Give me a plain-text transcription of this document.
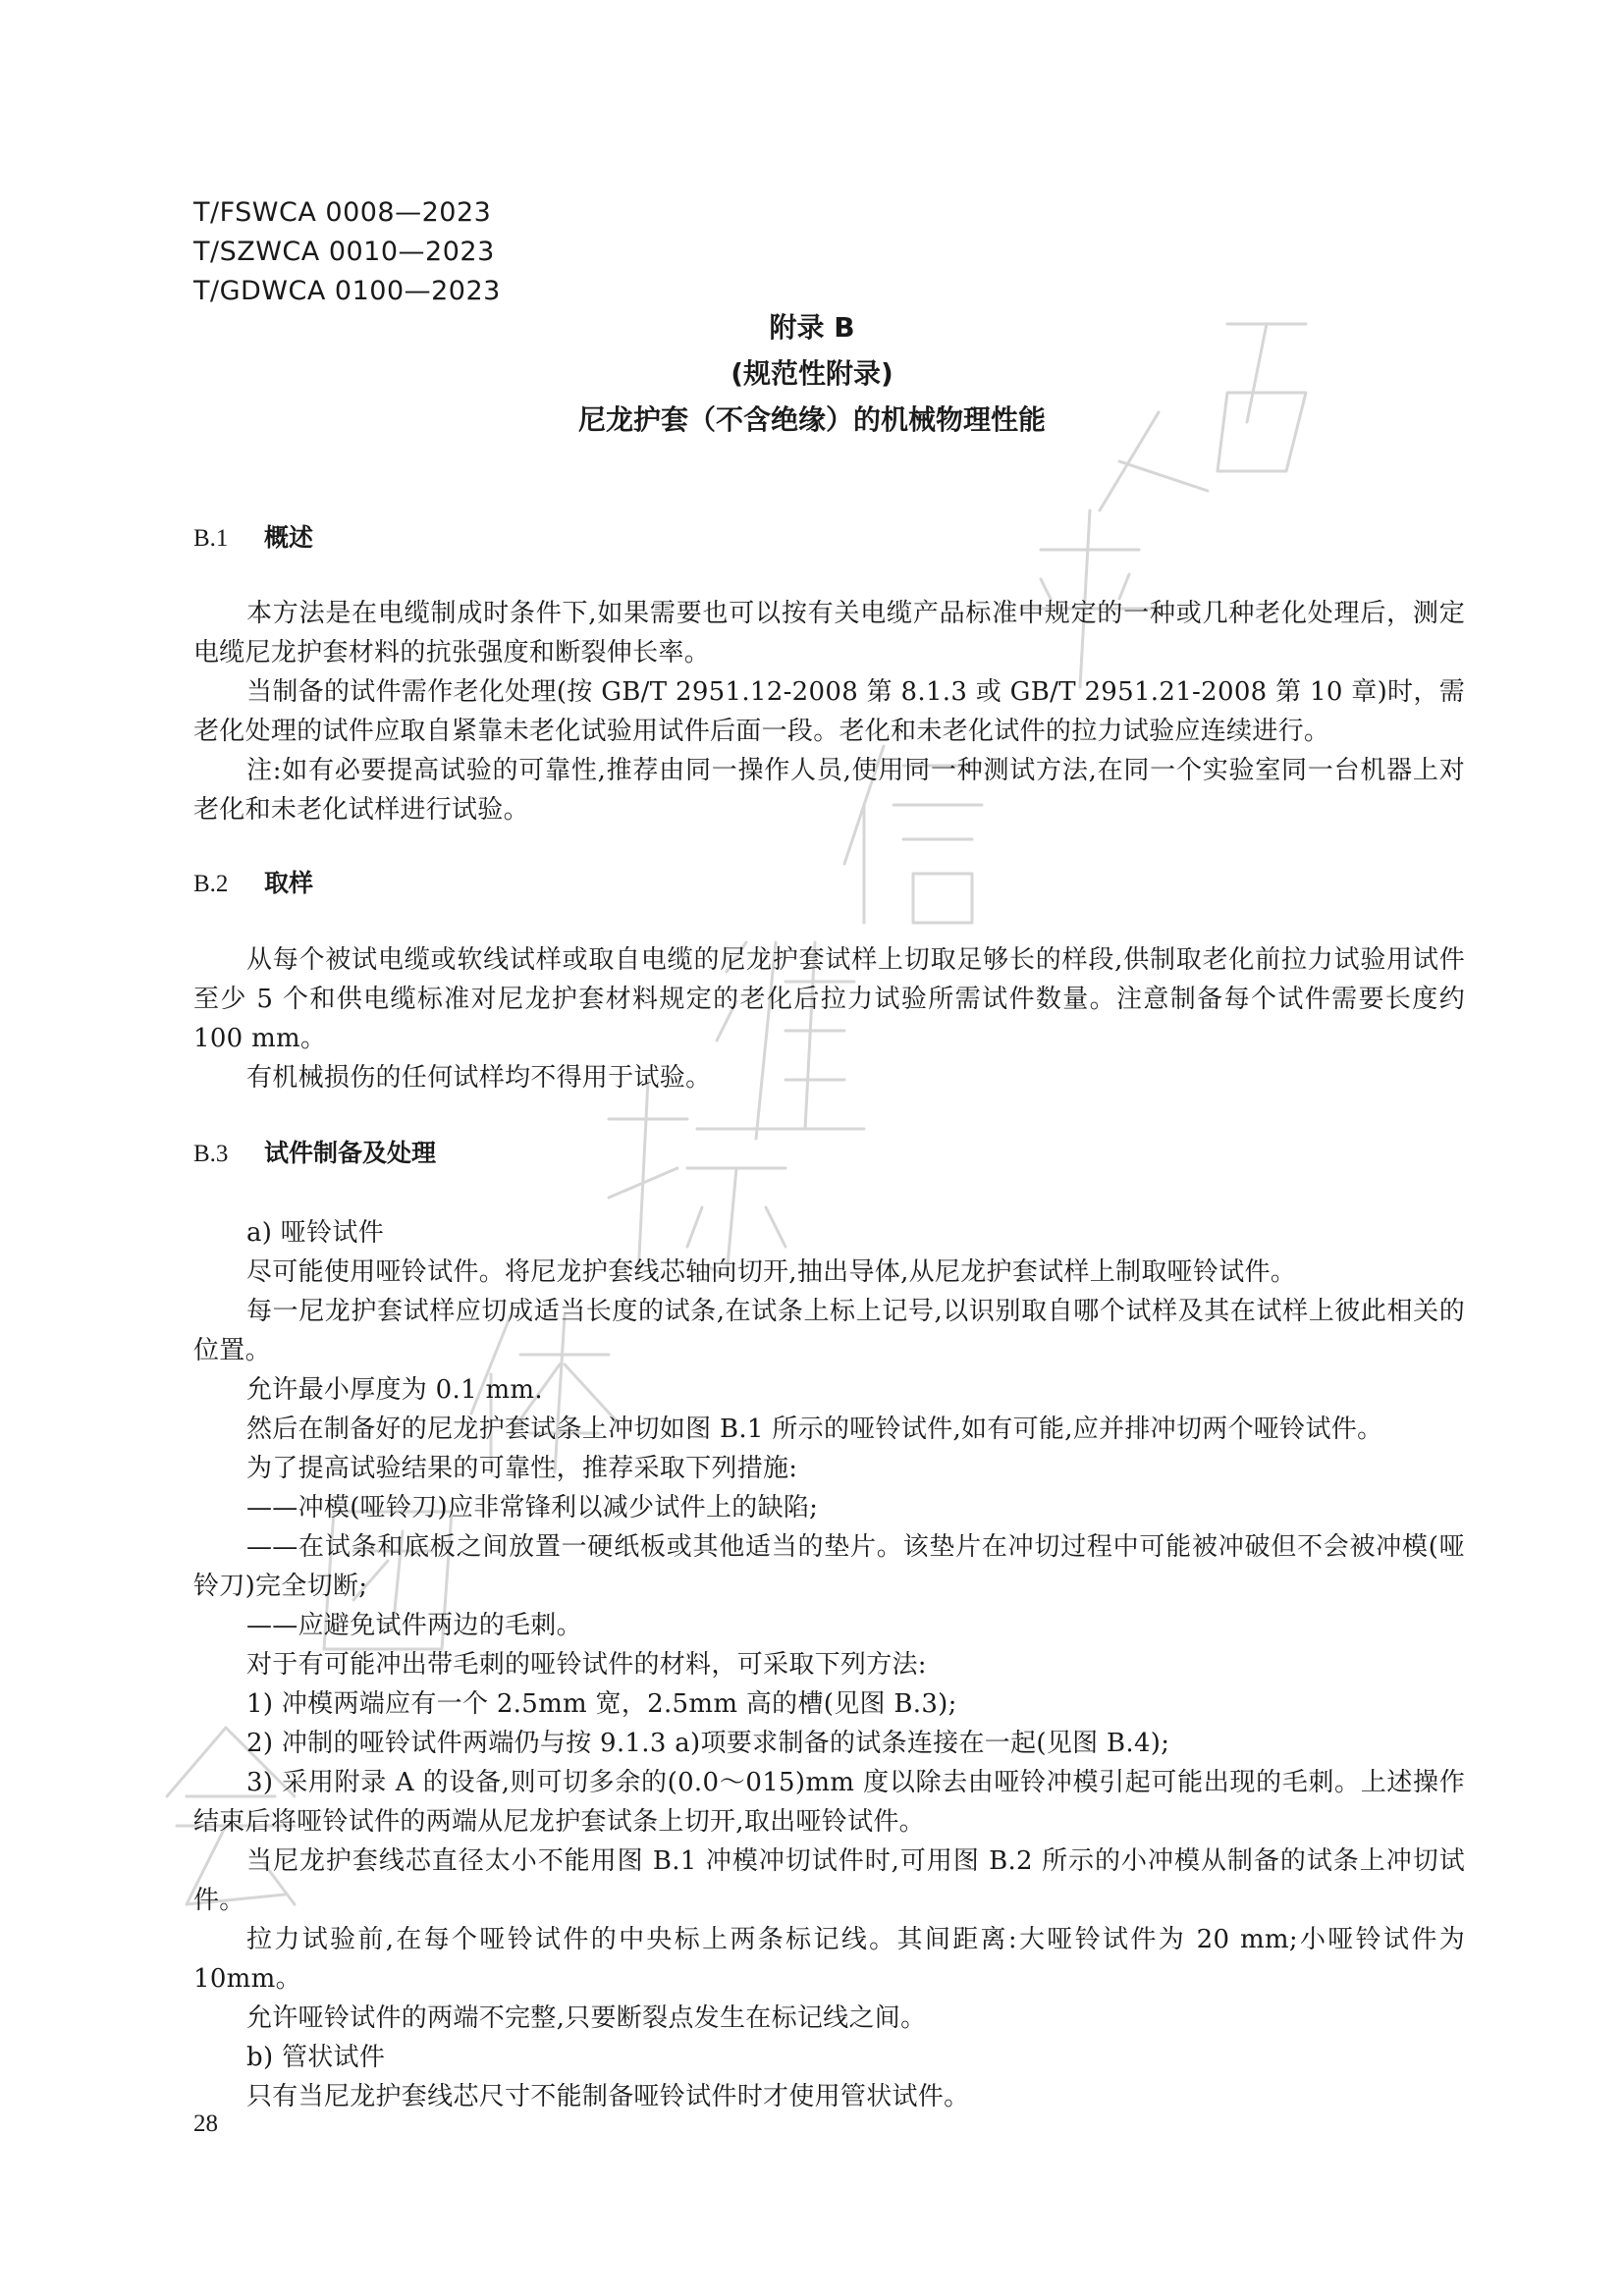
T/FSWCA 0008—2023
T/SZWCA 0010—2023
T/GDWCA 0100—2023
附录 B
(规范性附录)
尼龙护套（不含绝缘）的机械物理性能
B.1 概述

本方法是在电缆制成时条件下,如果需要也可以按有关电缆产品标准中规定的一种或几种老化处理后，测定电缆尼龙护套材料的抗张强度和断裂伸长率。

当制备的试件需作老化处理(按 GB/T 2951.12-2008 第 8.1.3 或 GB/T 2951.21-2008 第 10 章)时，需老化处理的试件应取自紧靠未老化试验用试件后面一段。老化和未老化试件的拉力试验应连续进行。

注:如有必要提高试验的可靠性,推荐由同一操作人员,使用同一种测试方法,在同一个实验室同一台机器上对老化和未老化试样进行试验。

B.2 取样

从每个被试电缆或软线试样或取自电缆的尼龙护套试样上切取足够长的样段,供制取老化前拉力试验用试件至少 5 个和供电缆标准对尼龙护套材料规定的老化后拉力试验所需试件数量。注意制备每个试件需要长度约 100 mm。

有机械损伤的任何试样均不得用于试验。

B.3 试件制备及处理

a) 哑铃试件

尽可能使用哑铃试件。将尼龙护套线芯轴向切开,抽出导体,从尼龙护套试样上制取哑铃试件。

每一尼龙护套试样应切成适当长度的试条,在试条上标上记号,以识别取自哪个试样及其在试样上彼此相关的位置。

允许最小厚度为 0.1 mm.

然后在制备好的尼龙护套试条上冲切如图 B.1 所示的哑铃试件,如有可能,应并排冲切两个哑铃试件。

为了提高试验结果的可靠性，推荐采取下列措施:

——冲模(哑铃刀)应非常锋利以减少试件上的缺陷;

——在试条和底板之间放置一硬纸板或其他适当的垫片。该垫片在冲切过程中可能被冲破但不会被冲模(哑铃刀)完全切断;

——应避免试件两边的毛刺。

对于有可能冲出带毛刺的哑铃试件的材料，可采取下列方法:

1) 冲模两端应有一个 2.5mm 宽，2.5mm 高的槽(见图 B.3);

2) 冲制的哑铃试件两端仍与按 9.1.3 a)项要求制备的试条连接在一起(见图 B.4);

3) 采用附录 A 的设备,则可切多余的(0.0～015)mm 度以除去由哑铃冲模引起可能出现的毛刺。上述操作结束后将哑铃试件的两端从尼龙护套试条上切开,取出哑铃试件。

当尼龙护套线芯直径太小不能用图 B.1 冲模冲切试件时,可用图 B.2 所示的小冲模从制备的试条上冲切试件。

拉力试验前,在每个哑铃试件的中央标上两条标记线。其间距离:大哑铃试件为 20 mm;小哑铃试件为 10mm。

允许哑铃试件的两端不完整,只要断裂点发生在标记线之间。

b) 管状试件

只有当尼龙护套线芯尺寸不能制备哑铃试件时才使用管状试件。

28
